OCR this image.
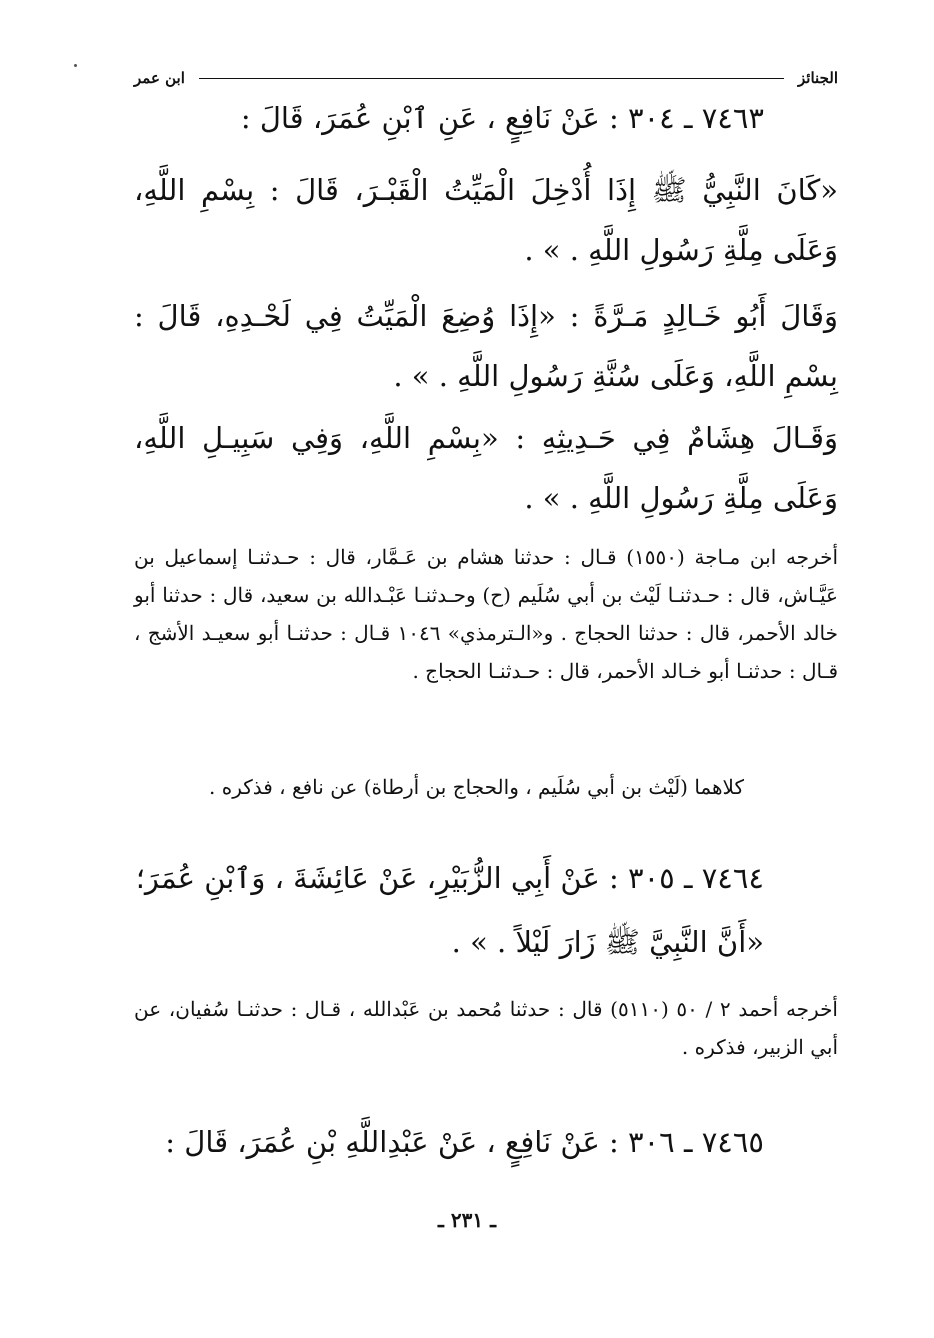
الجنائز
ابن عمر

٧٤٦٣ ـ ٣٠٤ : عَنْ نَافِعٍ ، عَنِ ٱبْنِ عُمَرَ، قَالَ :

«كَانَ النَّبِيُّ ﷺ إِذَا أُدْخِلَ الْمَيِّتُ الْقَبْـرَ، قَالَ : بِسْمِ اللَّهِ، وَعَلَى مِلَّةِ رَسُولِ اللَّهِ . » .

وَقَالَ أَبُو خَـالِدٍ مَـرَّةً : «إِذَا وُضِعَ الْمَيِّتُ فِي لَحْـدِهِ، قَالَ : بِسْمِ اللَّهِ، وَعَلَى سُنَّةِ رَسُولِ اللَّهِ . » .

وَقَـالَ هِشَامٌ فِي حَـدِيثِهِ : «بِسْمِ اللَّهِ، وَفِي سَبِيـلِ اللَّهِ، وَعَلَى مِلَّةِ رَسُولِ اللَّهِ . » .

أخرجه ابن مـاجة (١٥٥٠) قـال : حدثنا هشام بن عَـمَّار، قال : حـدثنـا إسماعيل بن عَيَّـاش، قال : حـدثنـا لَيْث بن أبي سُلَيم (ح) وحـدثنـا عَبْـدالله بن سعيد، قال : حدثنا أبو خالد الأحمر، قال : حدثنا الحجاج . و«الـترمذي» ١٠٤٦ قـال : حدثنـا أبو سعيـد الأشج ، قـال : حدثنـا أبو خـالد الأحمر، قال : حـدثنـا الحجاج .

كلاهما (لَيْث بن أبي سُلَيم ، والحجاج بن أرطاة) عن نافع ، فذكره .

٧٤٦٤ ـ ٣٠٥ : عَنْ أَبِي الزُّبَيْرِ، عَنْ عَائِشَةَ ، وَٱبْنِ عُمَرَ؛

«أَنَّ النَّبِيَّ ﷺ زَارَ لَيْلاً . » .

أخرجه أحمد ٢ / ٥٠ (٥١١٠) قال : حدثنا مُحمد بن عَبْدالله ، قـال : حدثنـا سُفيان، عن أبي الزبير، فذكره .

٧٤٦٥ ـ ٣٠٦ : عَنْ نَافِعٍ ، عَنْ عَبْدِاللَّهِ بْنِ عُمَرَ، قَالَ :

ـ ٢٣١ ـ
